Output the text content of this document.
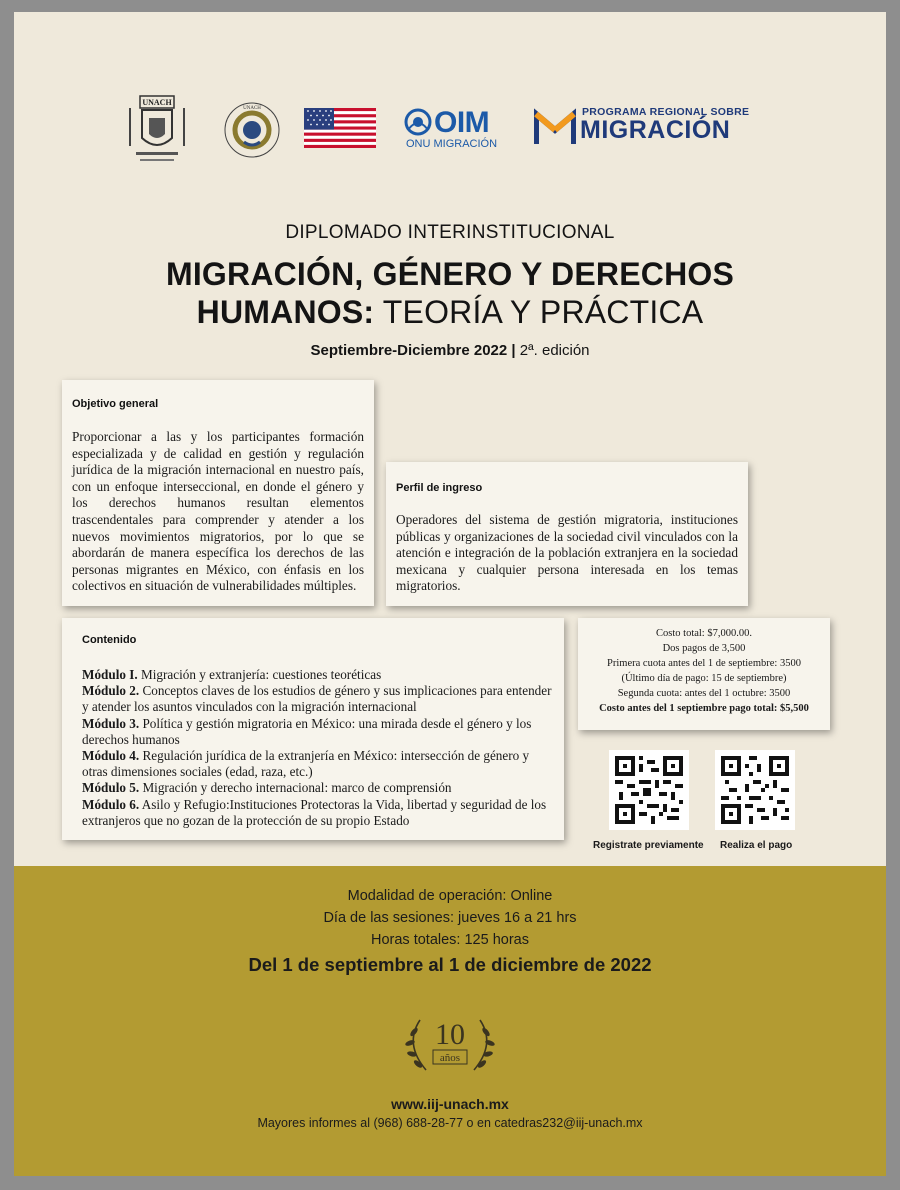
UNACH
UNACH	OIM
ONU MIGRACIÓN
PROGRAMA REGIONAL SOBRE
MIGRACIÓN
DIPLOMADO INTERINSTITUCIONAL
MIGRACIÓN, GÉNERO Y DERECHOS
HUMANOS: TEORÍA Y PRÁCTICA
Septiembre-Diciembre 2022 | 2ª. edición
Objetivo general
Proporcionar a las y los participantes formación especializada y de calidad en gestión y regulación jurídica de la migración internacional en nuestro país, con un enfoque interseccional, en donde el género y los derechos humanos resultan elementos trascendentales para comprender y atender a los nuevos movimientos migratorios, por lo que se abordarán de manera específica los derechos de las personas migrantes en México, con énfasis en los colectivos en situación de vulnerabilidades múltiples.
Perfil de ingreso
Operadores del sistema de gestión migratoria, instituciones públicas y organizaciones de la sociedad civil vinculados con la atención e integración de la población extranjera en la sociedad mexicana y cualquier persona interesada en los temas migratorios.
Contenido
Módulo I. Migración y extranjería: cuestiones teoréticas
Módulo 2. Conceptos claves de los estudios de género y sus implicaciones para entender y atender los asuntos vinculados con la migración internacional
Módulo 3. Política y gestión migratoria en México: una mirada desde el género y los derechos humanos
Módulo 4. Regulación jurídica de la extranjería en México: intersección de género y otras dimensiones sociales (edad, raza, etc.)
Módulo 5. Migración y derecho internacional: marco de comprensión
Módulo 6. Asilo y Refugio:Instituciones Protectoras la Vida, libertad y seguridad de los extranjeros que no gozan de la protección de su propio Estado
Costo total: $7,000.00.
Dos pagos de 3,500
Primera cuota antes del 1 de septiembre: 3500
(Último día de pago: 15 de septiembre)
Segunda cuota: antes del 1 octubre: 3500
Costo antes del 1 septiembre pago total: $5,500
Registrate previamente Realiza el pago
Modalidad de operación: Online
Día de las sesiones: jueves 16 a 21 hrs
Horas totales: 125 horas
Del 1 de septiembre al 1 de diciembre de 2022
10
años
www.iij-unach.mx
Mayores informes al (968) 688-28-77 o en catedras232@iij-unach.mx
